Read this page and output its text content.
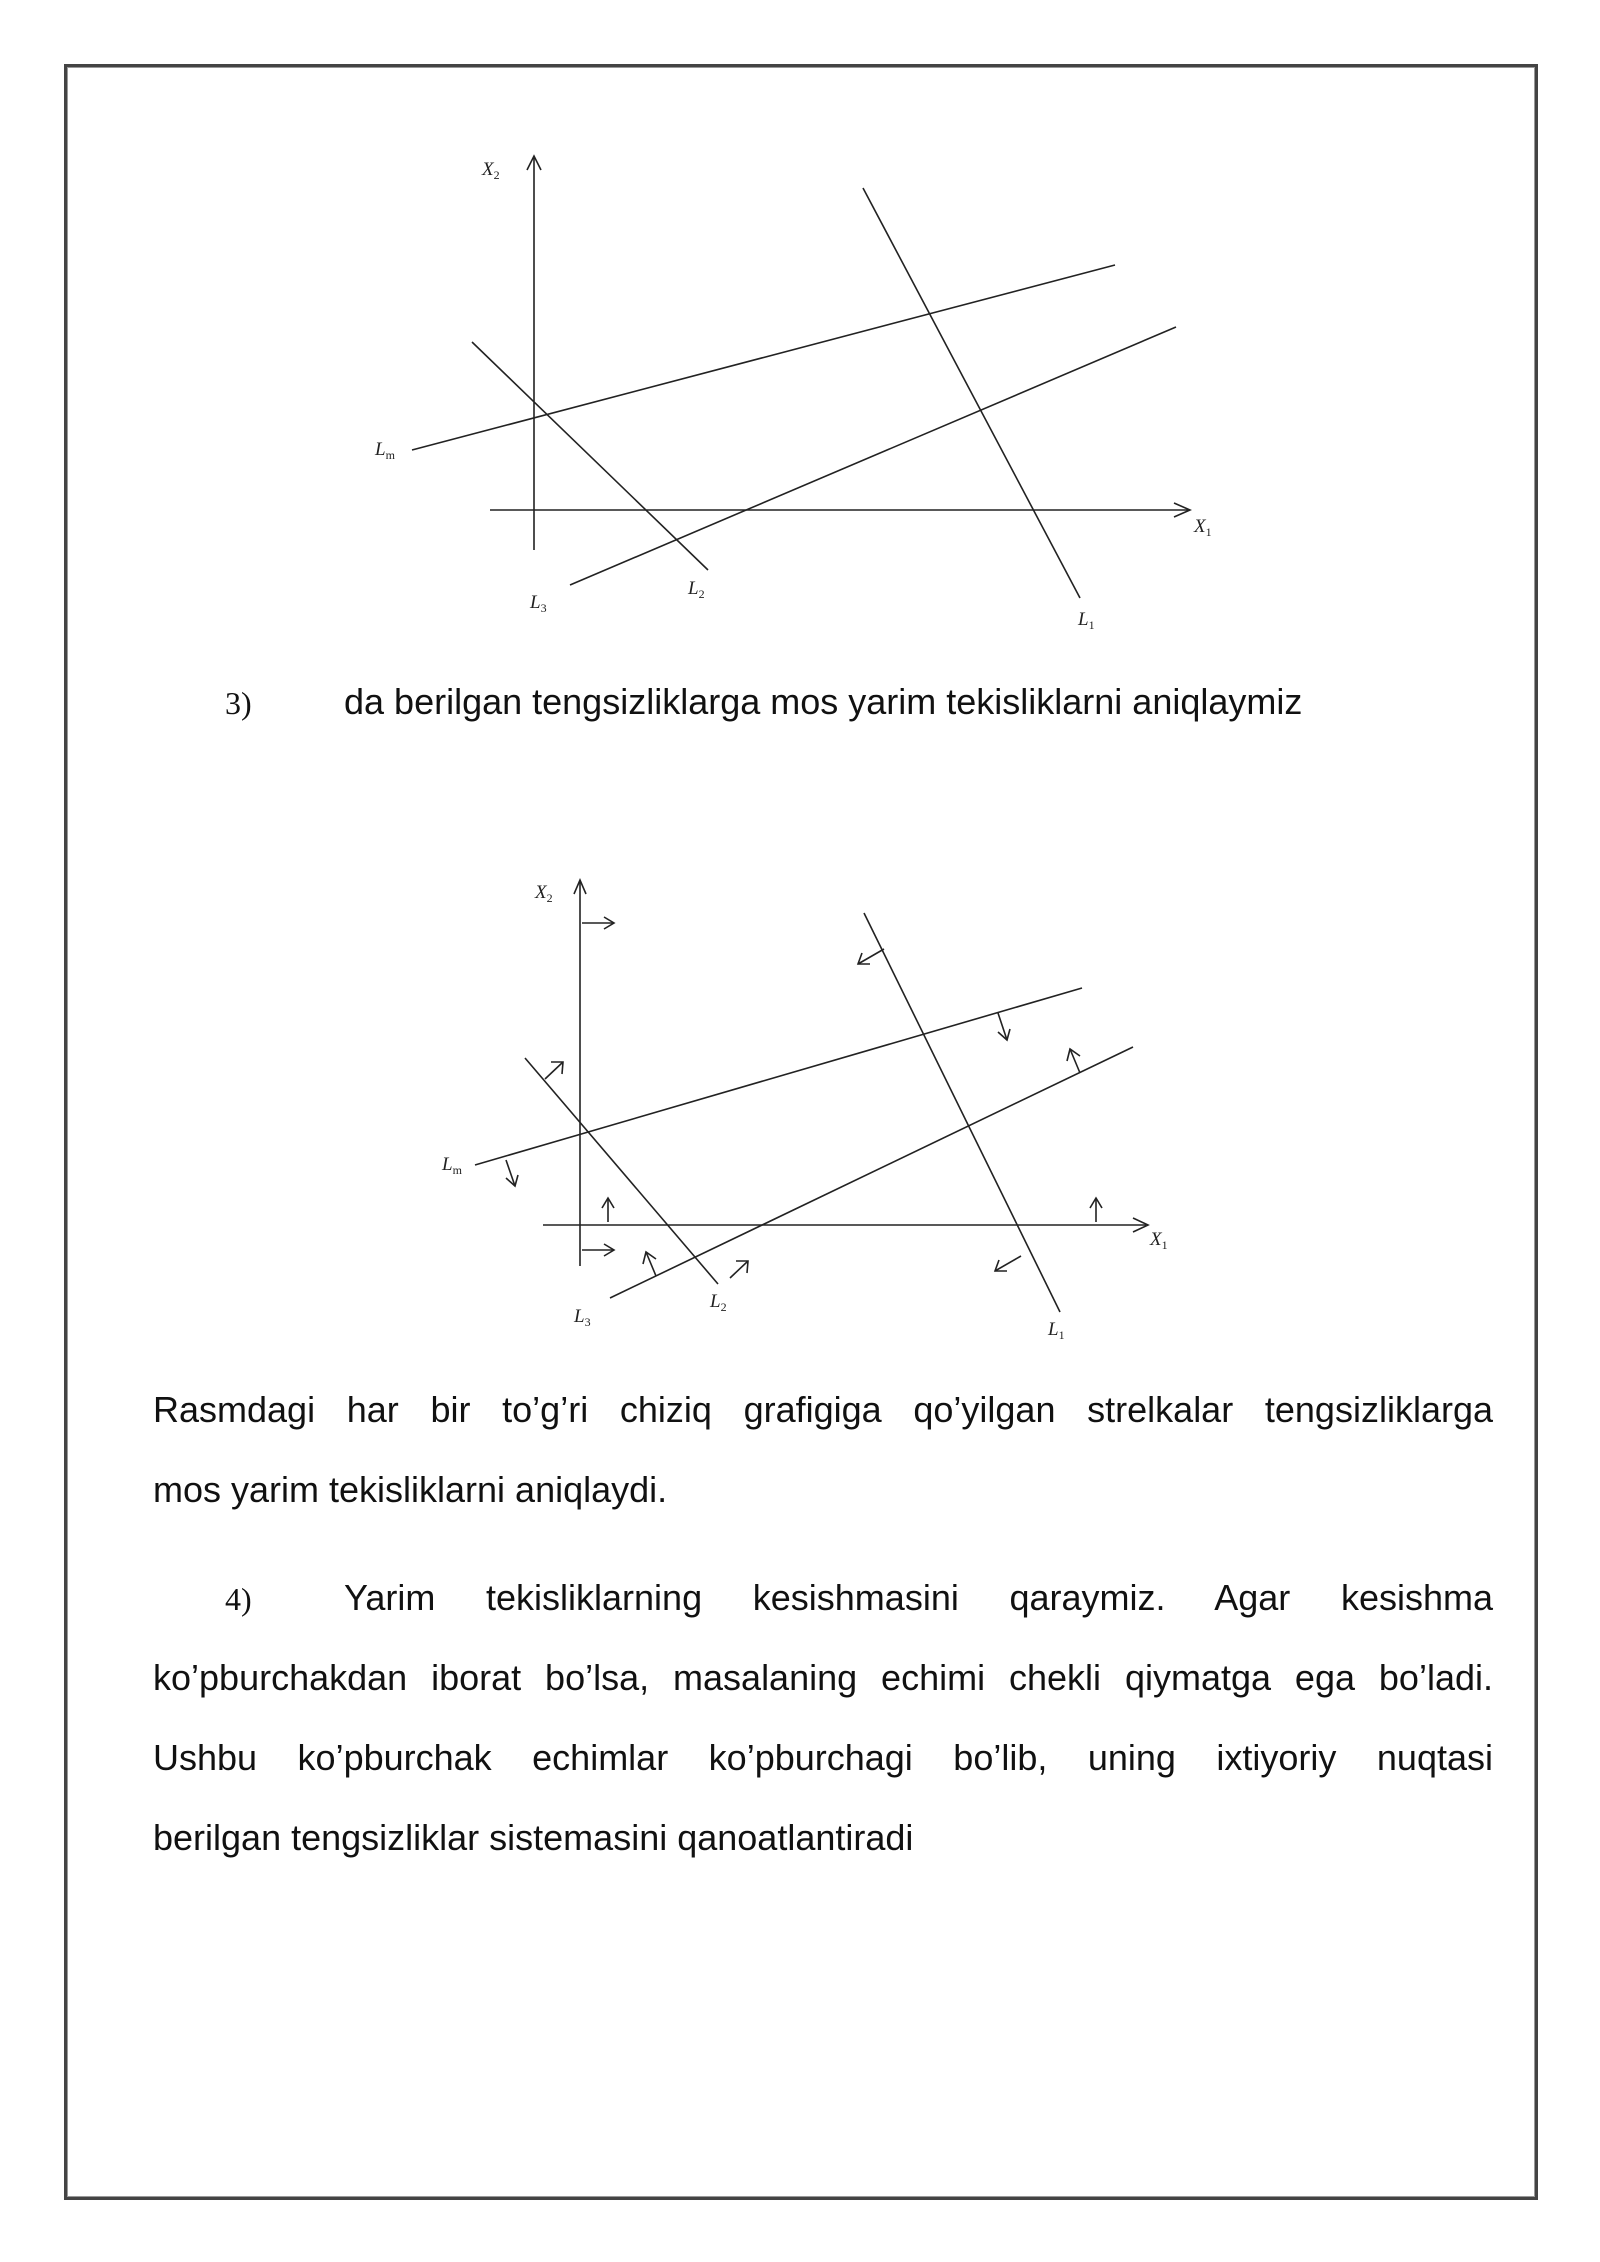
$X_2$
$X_1$
$L_m$
$L_1$
$L_2$
$L_3$
3)	da berilgan tengsizliklarga mos yarim tekisliklarni aniqlaymiz
$X_2$
$X_1$
$L_m$
$L_1$
$L_2$
$L_3$
Rasmdagi har bir to’g’ri chiziq grafigiga qo’yilgan strelkalar tengsizliklarga
mos yarim tekisliklarni aniqlaydi.
4)	Yarim tekisliklarning kesishmasini qaraymiz. Agar kesishma
ko’pburchakdan iborat bo’lsa, masalaning echimi chekli qiymatga ega bo’ladi.
Ushbu ko’pburchak echimlar ko’pburchagi bo’lib, uning ixtiyoriy nuqtasi
berilgan tengsizliklar sistemasini qanoatlantiradi
